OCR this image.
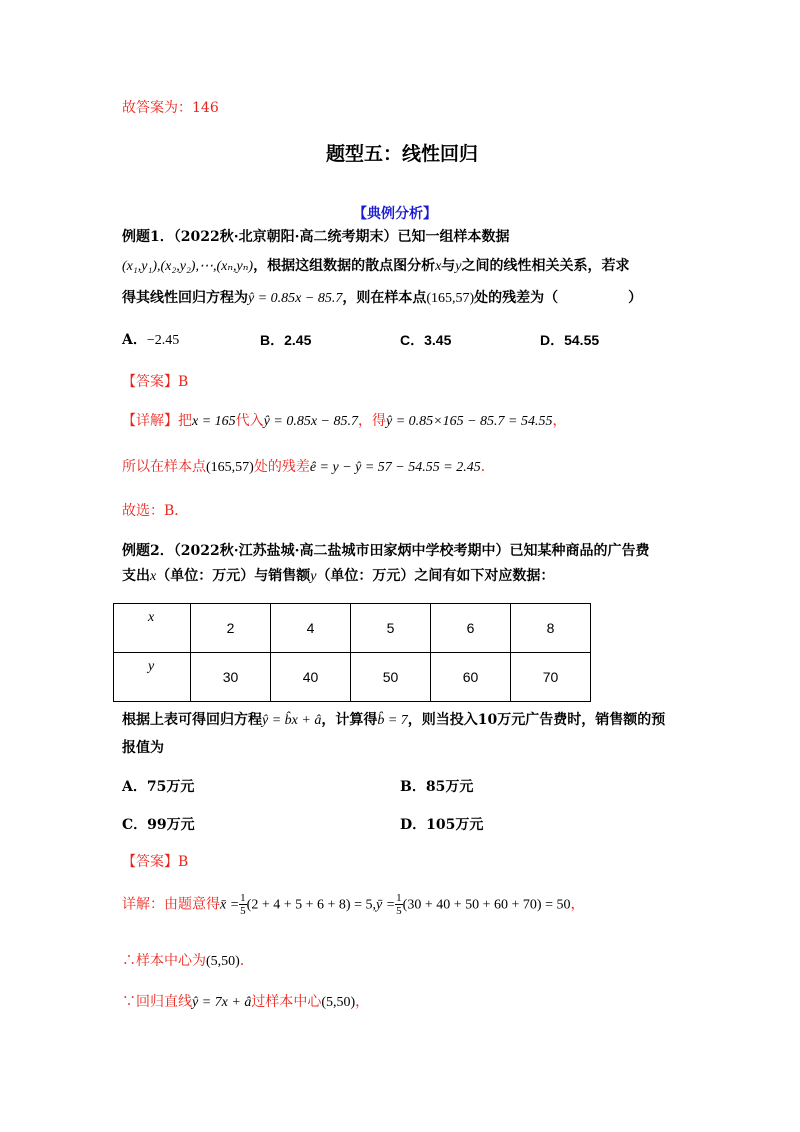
故答案为：146
题型五：线性回归
【典例分析】
例题1．（2022秋·北京朝阳·高二统考期末）已知一组样本数据
(x₁,y₁),(x₂,y₂),⋯,(xₙ,yₙ)，根据这组数据的散点图分析x与y之间的线性相关关系，若求
得其线性回归方程为ŷ = 0.85x − 85.7，则在样本点(165,57)处的残差为（　　　　　）
A．−2.45	B．2.45	C．3.45	D．54.55
【答案】B
【详解】把x = 165代入ŷ = 0.85x − 85.7，得ŷ = 0.85×165 − 85.7 = 54.55，
所以在样本点(165,57)处的残差ê = y − ŷ = 57 − 54.55 = 2.45．
故选：B．
例题2．（2022秋·江苏盐城·高二盐城市田家炳中学校考期中）已知某种商品的广告费
支出x（单位：万元）与销售额y（单位：万元）之间有如下对应数据：
x	2	4	5	6	8
y	30	40	50	60	70
根据上表可得回归方程ŷ = b̂x + â，计算得b̂ = 7，则当投入10万元广告费时，销售额的预
报值为
A．75万元	B．85万元
C．99万元	D．105万元
【答案】B
详解：由题意得x̄ = $\frac{1}{5} (2 + 4 + 5 + 6 + 8)$ = 5,ȳ = $\frac{1}{5} (30 + 40 + 50 + 60 + 70) = 50$，
∴样本中心为(5,50)．
∵回归直线ŷ = 7x + â过样本中心(5,50)，
